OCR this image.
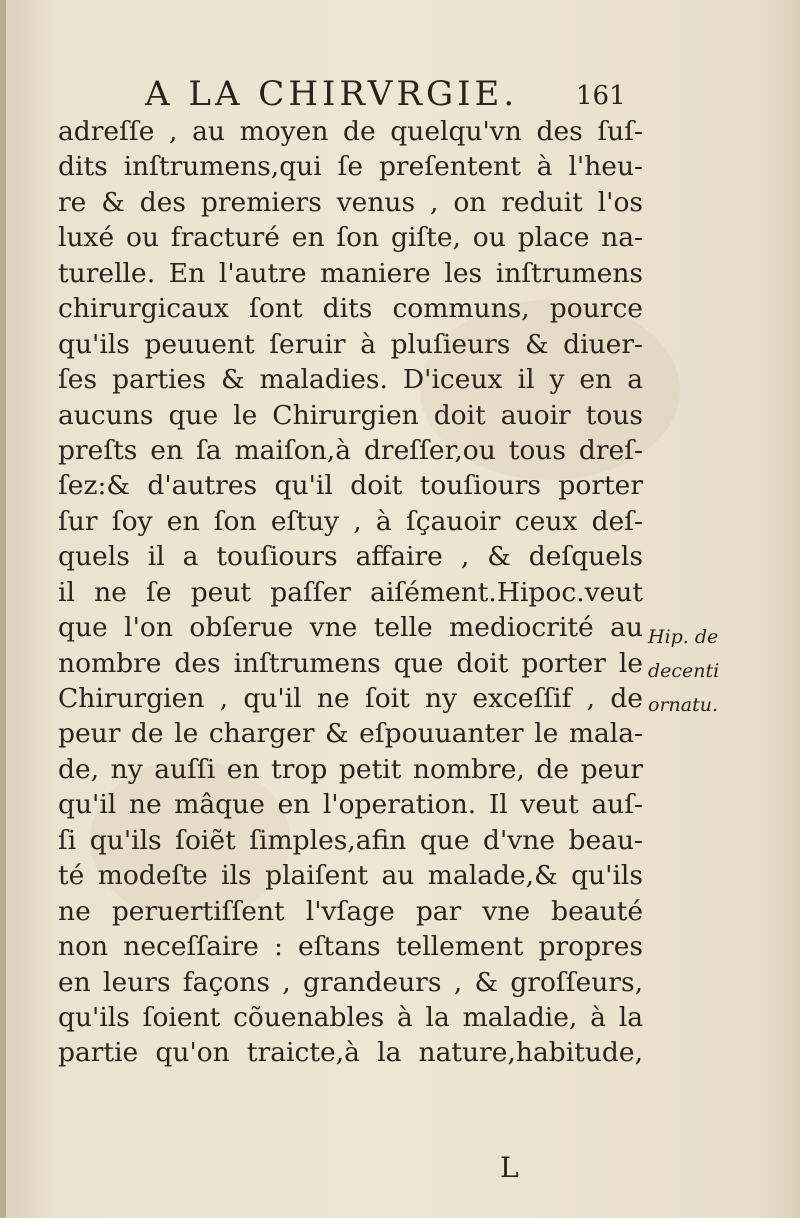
A LA CHIRVRGIE.	161
adreſſe , au moyen de quelqu'vn des ſuſ-
dits inſtrumens,qui ſe preſentent à l'heu-
re & des premiers venus , on reduit l'os
luxé ou fracturé en ſon giſte, ou place na-
turelle. En l'autre maniere les inſtrumens
chirurgicaux ſont dits communs, pource
qu'ils peuuent ſeruir à pluſieurs & diuer-
ſes parties & maladies. D'iceux il y en a
aucuns que le Chirurgien doit auoir tous
preſts en ſa maiſon,à dreſſer,ou tous dreſ-
ſez:& d'autres qu'il doit touſiours porter
ſur ſoy en ſon eſtuy , à ſçauoir ceux deſ-
quels il a touſiours affaire , & deſquels
il ne ſe peut paſſer aiſément.Hipoc.veut
que l'on obſerue vne telle mediocrité au
nombre des inſtrumens que doit porter le
Chirurgien , qu'il ne ſoit ny exceſſif , de
peur de le charger & eſpouuanter le mala-
de, ny auſſi en trop petit nombre, de peur
qu'il ne mâque en l'operation. Il veut auſ-
ſi qu'ils ſoiẽt ſimples,afin que d'vne beau-
té modeſte ils plaiſent au malade,& qu'ils
ne peruertiſſent l'vſage par vne beauté
non neceſſaire : eſtans tellement propres
en leurs façons , grandeurs , & groſſeurs,
qu'ils ſoient cõuenables à la maladie, à la
partie qu'on traicte,à la nature,habitude,
Hip. de
decenti
ornatu.
L
